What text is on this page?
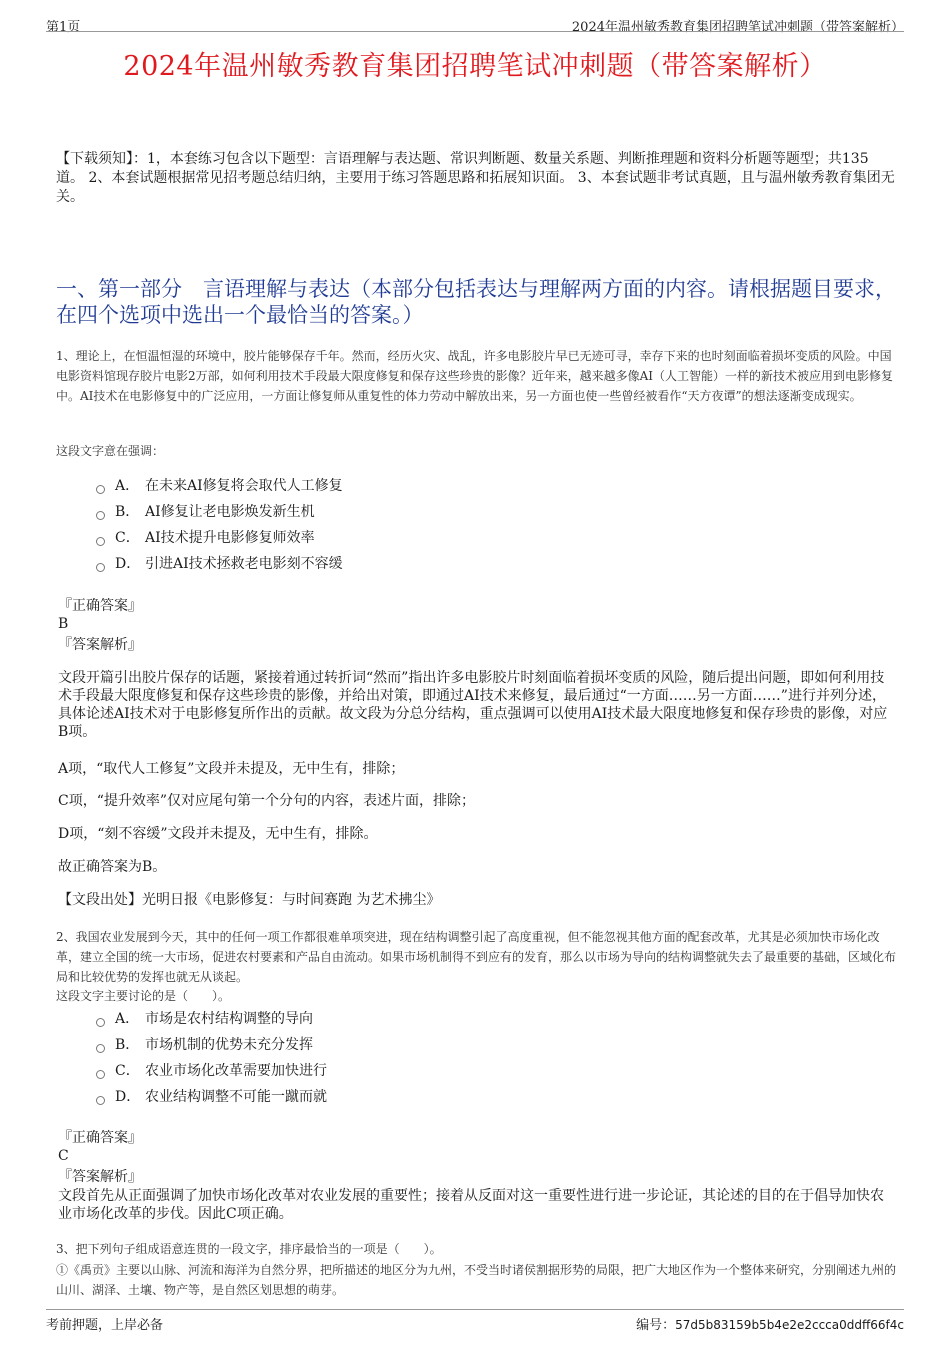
第1页	2024年温州敏秀教育集团招聘笔试冲刺题（带答案解析）
2024年温州敏秀教育集团招聘笔试冲刺题（带答案解析）
【下载须知】：1，本套练习包含以下题型：言语理解与表达题、常识判断题、数量关系题、判断推理题和资料分析题等题型；共135道。 2、本套试题根据常见招考题总结归纳，主要用于练习答题思路和拓展知识面。 3、本套试题非考试真题，且与温州敏秀教育集团无关。
一、第一部分　言语理解与表达（本部分包括表达与理解两方面的内容。请根据题目要求，在四个选项中选出一个最恰当的答案。）
1、理论上，在恒温恒湿的环境中，胶片能够保存千年。然而，经历火灾、战乱，许多电影胶片早已无迹可寻，幸存下来的也时刻面临着损坏变质的风险。中国电影资料馆现存胶片电影2万部，如何利用技术手段最大限度修复和保存这些珍贵的影像？近年来，越来越多像AI（人工智能）一样的新技术被应用到电影修复中。AI技术在电影修复中的广泛应用，一方面让修复师从重复性的体力劳动中解放出来，另一方面也使一些曾经被看作“天方夜谭”的想法逐渐变成现实。
这段文字意在强调：
A． 在未来AI修复将会取代人工修复
B． AI修复让老电影焕发新生机
C． AI技术提升电影修复师效率
D． 引进AI技术拯救老电影刻不容缓
『正确答案』
B
『答案解析』
文段开篇引出胶片保存的话题，紧接着通过转折词“然而”指出许多电影胶片时刻面临着损坏变质的风险，随后提出问题，即如何利用技术手段最大限度修复和保存这些珍贵的影像，并给出对策，即通过AI技术来修复，最后通过“一方面……另一方面……”进行并列分述，具体论述AI技术对于电影修复所作出的贡献。故文段为分总分结构，重点强调可以使用AI技术最大限度地修复和保存珍贵的影像，对应B项。
A项，“取代人工修复”文段并未提及，无中生有，排除；
C项，“提升效率”仅对应尾句第一个分句的内容，表述片面，排除；
D项，“刻不容缓”文段并未提及，无中生有，排除。
故正确答案为B。
【文段出处】光明日报《电影修复：与时间赛跑 为艺术拂尘》
2、我国农业发展到今天，其中的任何一项工作都很难单项突进，现在结构调整引起了高度重视，但不能忽视其他方面的配套改革，尤其是必须加快市场化改革，建立全国的统一大市场，促进农村要素和产品自由流动。如果市场机制得不到应有的发育，那么以市场为导向的结构调整就失去了最重要的基础，区域化布局和比较优势的发挥也就无从谈起。
这段文字主要讨论的是（　　）。
A． 市场是农村结构调整的导向
B． 市场机制的优势未充分发挥
C． 农业市场化改革需要加快进行
D． 农业结构调整不可能一蹴而就
『正确答案』
C
『答案解析』
文段首先从正面强调了加快市场化改革对农业发展的重要性；接着从反面对这一重要性进行进一步论证，其论述的目的在于倡导加快农业市场化改革的步伐。因此C项正确。
3、把下列句子组成语意连贯的一段文字，排序最恰当的一项是（　　）。
①《禹贡》主要以山脉、河流和海洋为自然分界，把所描述的地区分为九州，不受当时诸侯割据形势的局限，把广大地区作为一个整体来研究，分别阐述九州的山川、湖泽、土壤、物产等，是自然区划思想的萌芽。
考前押题，上岸必备	编号：57d5b83159b5b4e2e2ccca0ddff66f4c
